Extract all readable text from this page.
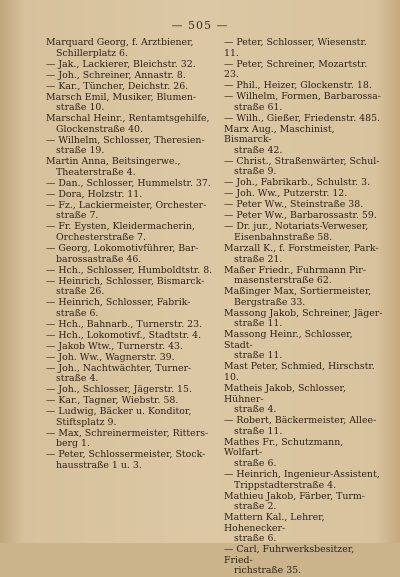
— 505 —
Marquard Georg, f. Arztbiener,
Schillerplatz 6.
— Jak., Lackierer, Bleichstr. 32.
— Joh., Schreiner, Annastr. 8.
— Kar., Tüncher, Deichstr. 26.
Marsch Emil, Musiker, Blumen-
straße 10.
Marschal Heinr., Rentamtsgehilfe,
Glockenstraße 40.
— Wilhelm, Schlosser, Theresien-
straße 19.
Martin Anna, Beitsingerwe.,
Theaterstraße 4.
— Dan., Schlosser, Hummelstr. 37.
— Dora, Holzstr. 11.
— Fz., Lackiermeister, Orchester-
straße 7.
— Fr. Eysten, Kleidermacherin,
Orchesterstraße 7.
— Georg, Lokomotivführer, Bar-
barossastraße 46.
— Hch., Schlosser, Humboldtstr. 8.
— Heinrich, Schlosser, Bismarck-
straße 26.
— Heinrich, Schlosser, Fabrik-
straße 6.
— Hch., Bahnarb., Turnerstr. 23.
— Hch., Lokomotivf., Stadtstr. 4.
— Jakob Wtw., Turnerstr. 43.
— Joh. Ww., Wagnerstr. 39.
— Joh., Nachtwächter, Turner-
straße 4.
— Joh., Schlosser, Jägerstr. 15.
— Kar., Tagner, Wiebstr. 58.
— Ludwig, Bäcker u. Konditor,
Stiftsplatz 9.
— Max, Schreinermeister, Ritters-
berg 1.
— Peter, Schlossermeister, Stock-
hausstraße 1 u. 3.
— Peter, Schlosser, Wiesenstr. 11.
— Peter, Schreiner, Mozartstr. 23.
— Phil., Heizer, Glockenstr. 18.
— Wilhelm, Formen, Barbarossa-
straße 61.
— Wilh., Gießer, Friedenstr. 485.
Marx Aug., Maschinist, Bismarck-
straße 42.
— Christ., Straßenwärter, Schul-
straße 9.
— Joh., Fabrikarb., Schulstr. 3.
— Joh. Ww., Putzerstr. 12.
— Peter Ww., Steinstraße 38.
— Peter Ww., Barbarossastr. 59.
— Dr. jur., Notariats-Verweser,
Eisenbahnstraße 58.
Marzall K., f. Forstmeister, Park-
straße 21.
Maßer Friedr., Fuhrmann Pir-
masensterstraße 62.
Maßinger Max, Sortiermeister,
Bergstraße 33.
Massong Jakob, Schreiner, Jäger-
straße 11.
Massong Heinr., Schlosser, Stadt-
straße 11.
Mast Peter, Schmied, Hirschstr. 10.
Matheis Jakob, Schlosser, Hühner-
straße 4.
— Robert, Bäckermeister, Allee-
straße 11.
Mathes Fr., Schutzmann, Wolfart-
straße 6.
— Heinrich, Ingenieur-Assistent,
Trippstadterstraße 4.
Mathieu Jakob, Färber, Turm-
straße 2.
Mattern Kal., Lehrer, Hohenecker-
straße 6.
— Carl, Fuhrwerksbesitzer, Fried-
richstraße 35.
